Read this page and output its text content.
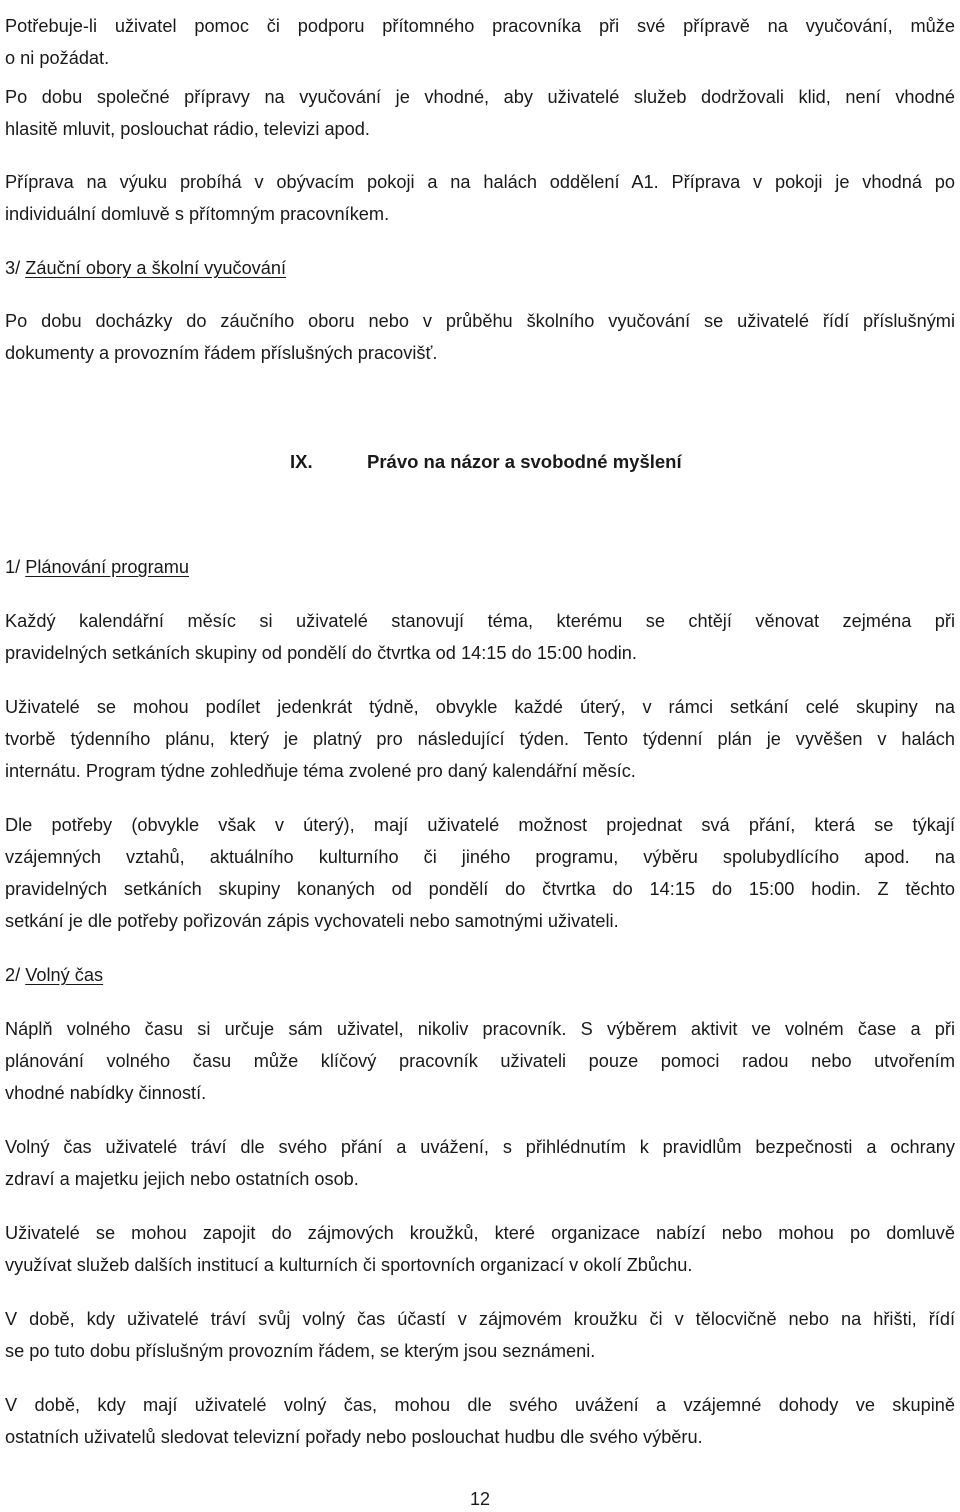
Potřebuje-li uživatel pomoc či podporu přítomného pracovníka při své přípravě na vyučování, může
o ni požádat.

Po dobu společné přípravy na vyučování je vhodné, aby uživatelé služeb dodržovali klid, není vhodné
hlasitě mluvit, poslouchat rádio, televizi apod.

Příprava na výuku probíhá v obývacím pokoji a na halách oddělení A1. Příprava v pokoji je vhodná po
individuální domluvě s přítomným pracovníkem.

3/ Záuční obory a školní vyučování

Po dobu docházky do záučního oboru nebo v průběhu školního vyučování se uživatelé řídí příslušnými
dokumenty a provozním řádem příslušných pracovišť.

IX.	Právo na názor a svobodné myšlení

1/ Plánování programu

Každý kalendářní měsíc si uživatelé stanovují téma, kterému se chtějí věnovat zejména při
pravidelných setkáních skupiny od pondělí do čtvrtka od 14:15 do 15:00 hodin.

Uživatelé se mohou podílet jedenkrát týdně, obvykle každé úterý, v rámci setkání celé skupiny na
tvorbě týdenního plánu, který je platný pro následující týden. Tento týdenní plán je vyvěšen v halách
internátu. Program týdne zohledňuje téma zvolené pro daný kalendářní měsíc.

Dle potřeby (obvykle však v úterý), mají uživatelé možnost projednat svá přání, která se týkají
vzájemných vztahů, aktuálního kulturního či jiného programu, výběru spolubydlícího apod. na
pravidelných setkáních skupiny konaných od pondělí do čtvrtka do 14:15 do 15:00 hodin. Z těchto
setkání je dle potřeby pořizován zápis vychovateli nebo samotnými uživateli.

2/ Volný čas

Náplň volného času si určuje sám uživatel, nikoliv pracovník. S výběrem aktivit ve volném čase a při
plánování volného času může klíčový pracovník uživateli pouze pomoci radou nebo utvořením
vhodné nabídky činností.

Volný čas uživatelé tráví dle svého přání a uvážení, s přihlédnutím k pravidlům bezpečnosti a ochrany
zdraví a majetku jejich nebo ostatních osob.

Uživatelé se mohou zapojit do zájmových kroužků, které organizace nabízí nebo mohou po domluvě
využívat služeb dalších institucí a kulturních či sportovních organizací v okolí Zbůchu.

V době, kdy uživatelé tráví svůj volný čas účastí v zájmovém kroužku či v tělocvičně nebo na hřišti, řídí
se po tuto dobu příslušným provozním řádem, se kterým jsou seznámeni.

V době, kdy mají uživatelé volný čas, mohou dle svého uvážení a vzájemné dohody ve skupině
ostatních uživatelů sledovat televizní pořady nebo poslouchat hudbu dle svého výběru.

12
